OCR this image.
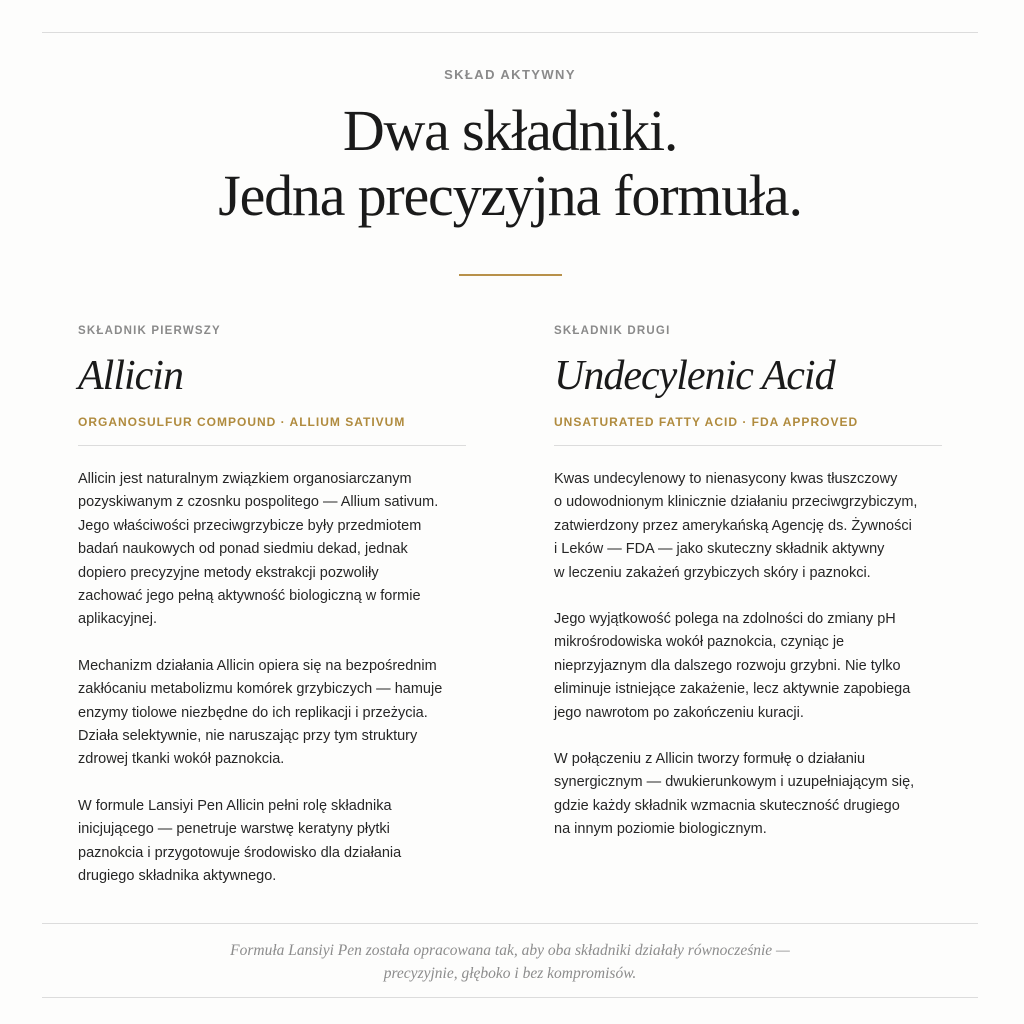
SKŁAD AKTYWNY
Dwa składniki.
Jedna precyzyjna formuła.
SKŁADNIK PIERWSZY
Allicin
ORGANOSULFUR COMPOUND · ALLIUM SATIVUM

Allicin jest naturalnym związkiem organosiarczanym
pozyskiwanym z czosnku pospolitego — Allium sativum.
Jego właściwości przeciwgrzybicze były przedmiotem
badań naukowych od ponad siedmiu dekad, jednak
dopiero precyzyjne metody ekstrakcji pozwoliły
zachować jego pełną aktywność biologiczną w formie
aplikacyjnej.

Mechanizm działania Allicin opiera się na bezpośrednim
zakłócaniu metabolizmu komórek grzybiczych — hamuje
enzymy tiolowe niezbędne do ich replikacji i przeżycia.
Działa selektywnie, nie naruszając przy tym struktury
zdrowej tkanki wokół paznokcia.

W formule Lansiyi Pen Allicin pełni rolę składnika
inicjującego — penetruje warstwę keratyny płytki
paznokcia i przygotowuje środowisko dla działania
drugiego składnika aktywnego.

SKŁADNIK DRUGI
Undecylenic Acid
UNSATURATED FATTY ACID · FDA APPROVED

Kwas undecylenowy to nienasycony kwas tłuszczowy
o udowodnionym klinicznie działaniu przeciwgrzybiczym,
zatwierdzony przez amerykańską Agencję ds. Żywności
i Leków — FDA — jako skuteczny składnik aktywny
w leczeniu zakażeń grzybiczych skóry i paznokci.

Jego wyjątkowość polega na zdolności do zmiany pH
mikrośrodowiska wokół paznokcia, czyniąc je
nieprzyjaznym dla dalszego rozwoju grzybni. Nie tylko
eliminuje istniejące zakażenie, lecz aktywnie zapobiega
jego nawrotom po zakończeniu kuracji.

W połączeniu z Allicin tworzy formułę o działaniu
synergicznym — dwukierunkowym i uzupełniającym się,
gdzie każdy składnik wzmacnia skuteczność drugiego
na innym poziomie biologicznym.

Formuła Lansiyi Pen została opracowana tak, aby oba składniki działały równocześnie —
precyzyjnie, głęboko i bez kompromisów.
